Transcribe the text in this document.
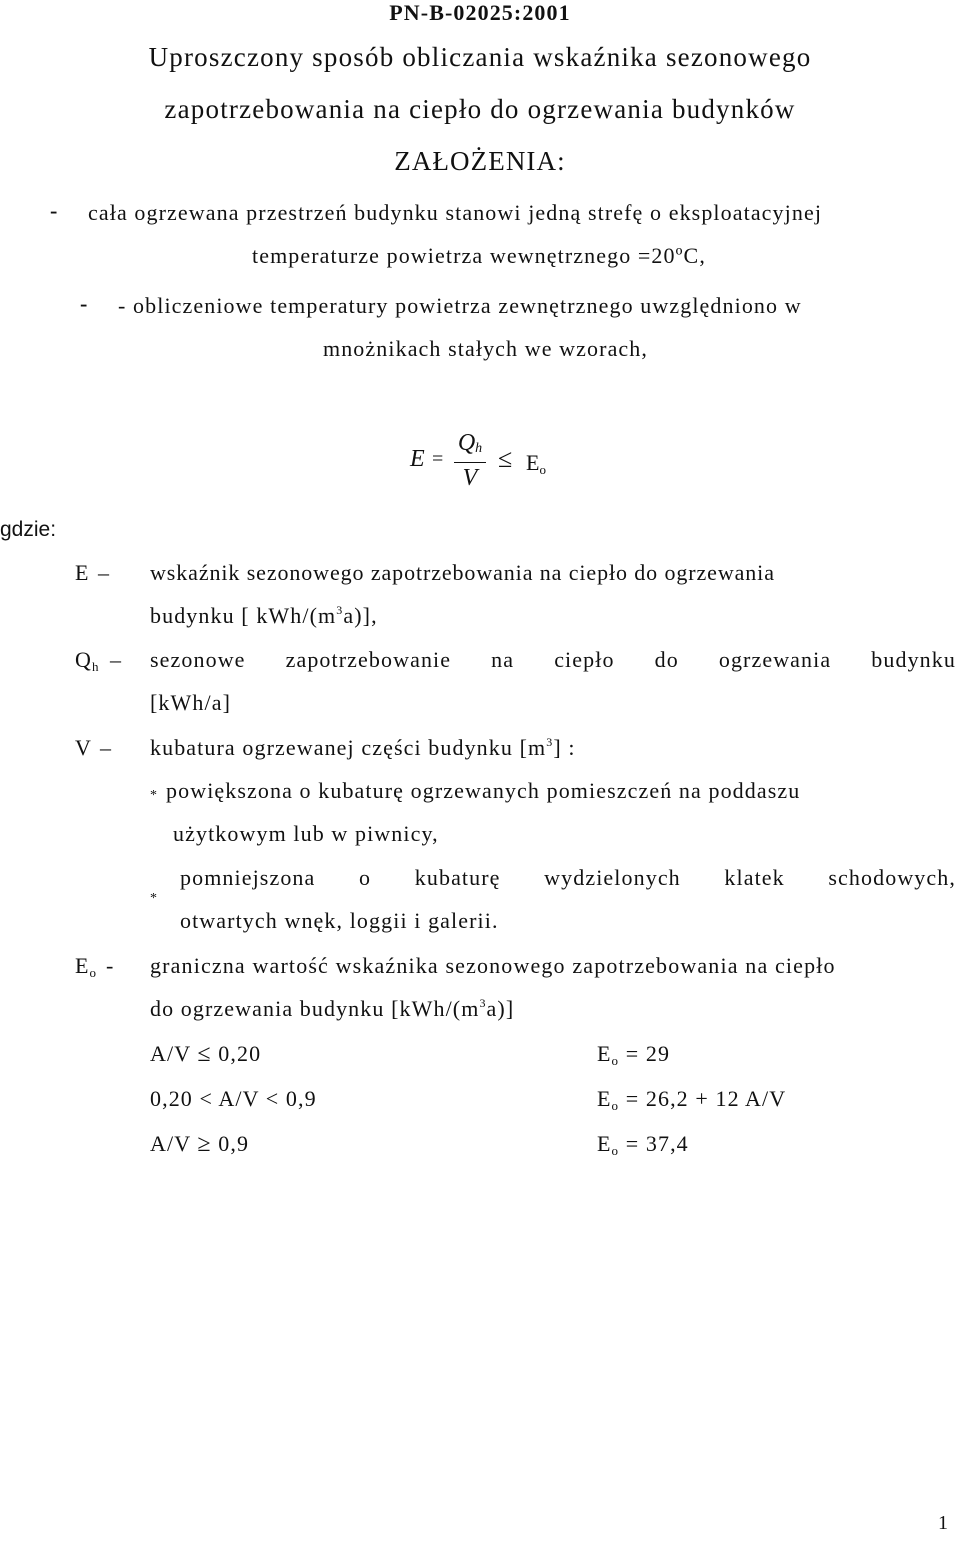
PN-B-02025:2001
Uproszczony sposób obliczania wskaźnika sezonowego
zapotrzebowania na ciepło do ogrzewania budynków
ZAŁOŻENIA:
- cała ogrzewana przestrzeń budynku stanowi jedną strefę o eksploatacyjnej
temperaturze powietrza wewnętrznego =20ºC,
- - obliczeniowe temperatury powietrza zewnętrznego uwzględniono w
mnożnikach stałych we wzorach,
E =
Qh
V
≤ Eo
gdzie:
E – wskaźnik sezonowego zapotrzebowania na ciepło do ogrzewania
budynku [ kWh/$(m^3a)$],
Qh – sezonowe zapotrzebowanie na ciepło do ogrzewania budynku
[kWh/a]
V – kubatura ogrzewanej części budynku $[m^3]$ :
* powiększona o kubaturę ogrzewanych pomieszczeń na poddaszu
użytkowym lub w piwnicy,
*
pomniejszona o kubaturę wydzielonych klatek schodowych,
otwartych wnęk, loggii i galerii.
Eo - graniczna wartość wskaźnika sezonowego zapotrzebowania na ciepło
do ogrzewania budynku $[kWh/(m^3a)]$
A/V ≤ 0,20	Eo = 29
0,20 < A/V < 0,9	Eo = 26,2 + 12 A/V
A/V ≥ 0,9	Eo = 37,4
1
